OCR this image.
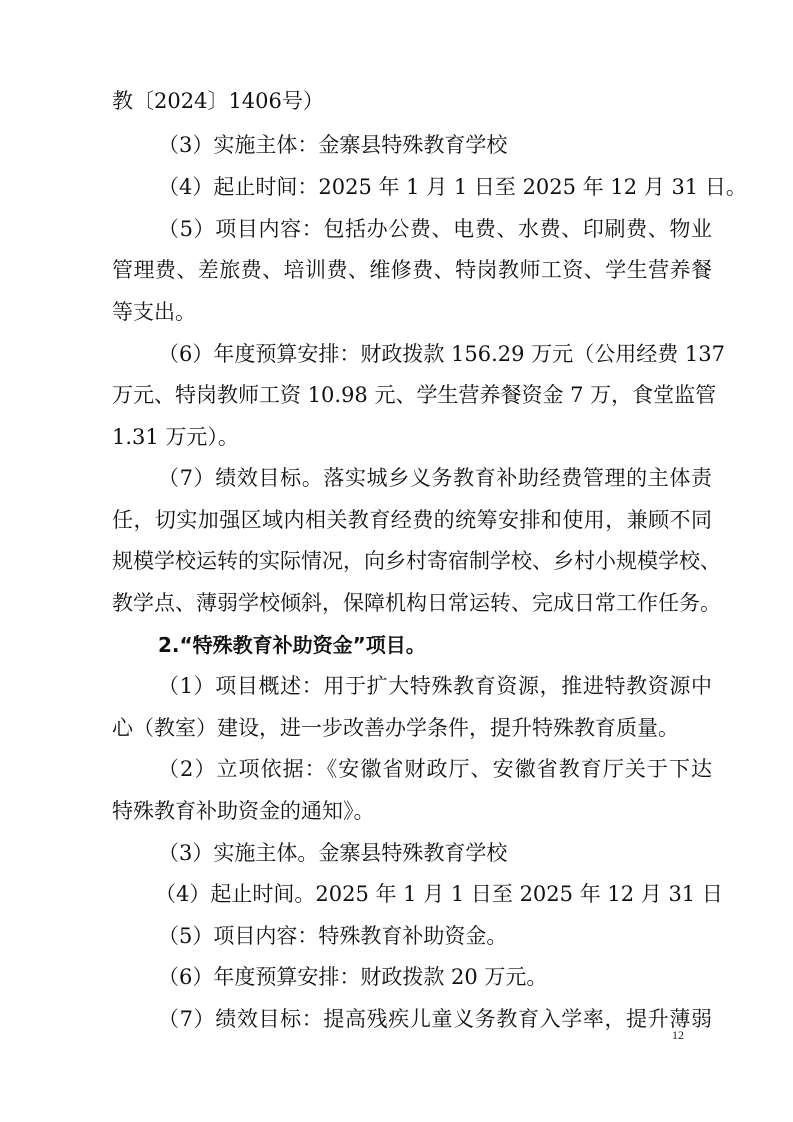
教〔2024〕1406号）
（3）实施主体：金寨县特殊教育学校
（4）起止时间：2025 年 1 月 1 日至 2025 年 12 月 31 日。
（5）项目内容：包括办公费、电费、水费、印刷费、物业
管理费、差旅费、培训费、维修费、特岗教师工资、学生营养餐
等支出。
（6）年度预算安排：财政拨款 156.29 万元（公用经费 137
万元、特岗教师工资 10.98 元、学生营养餐资金 7 万，食堂监管
1.31 万元）。
（7）绩效目标。落实城乡义务教育补助经费管理的主体责
任，切实加强区域内相关教育经费的统筹安排和使用，兼顾不同
规模学校运转的实际情况，向乡村寄宿制学校、乡村小规模学校、
教学点、薄弱学校倾斜，保障机构日常运转、完成日常工作任务。
2.“特殊教育补助资金”项目。
（1）项目概述：用于扩大特殊教育资源，推进特教资源中
心（教室）建设，进一步改善办学条件，提升特殊教育质量。
（2）立项依据：《安徽省财政厅、安徽省教育厅关于下达
特殊教育补助资金的通知》。
（3）实施主体。金寨县特殊教育学校
（4）起止时间。2025 年 1 月 1 日至 2025 年 12 月 31 日
（5）项目内容：特殊教育补助资金。
（6）年度预算安排：财政拨款 20 万元。
（7）绩效目标：提高残疾儿童义务教育入学率，提升薄弱
12
